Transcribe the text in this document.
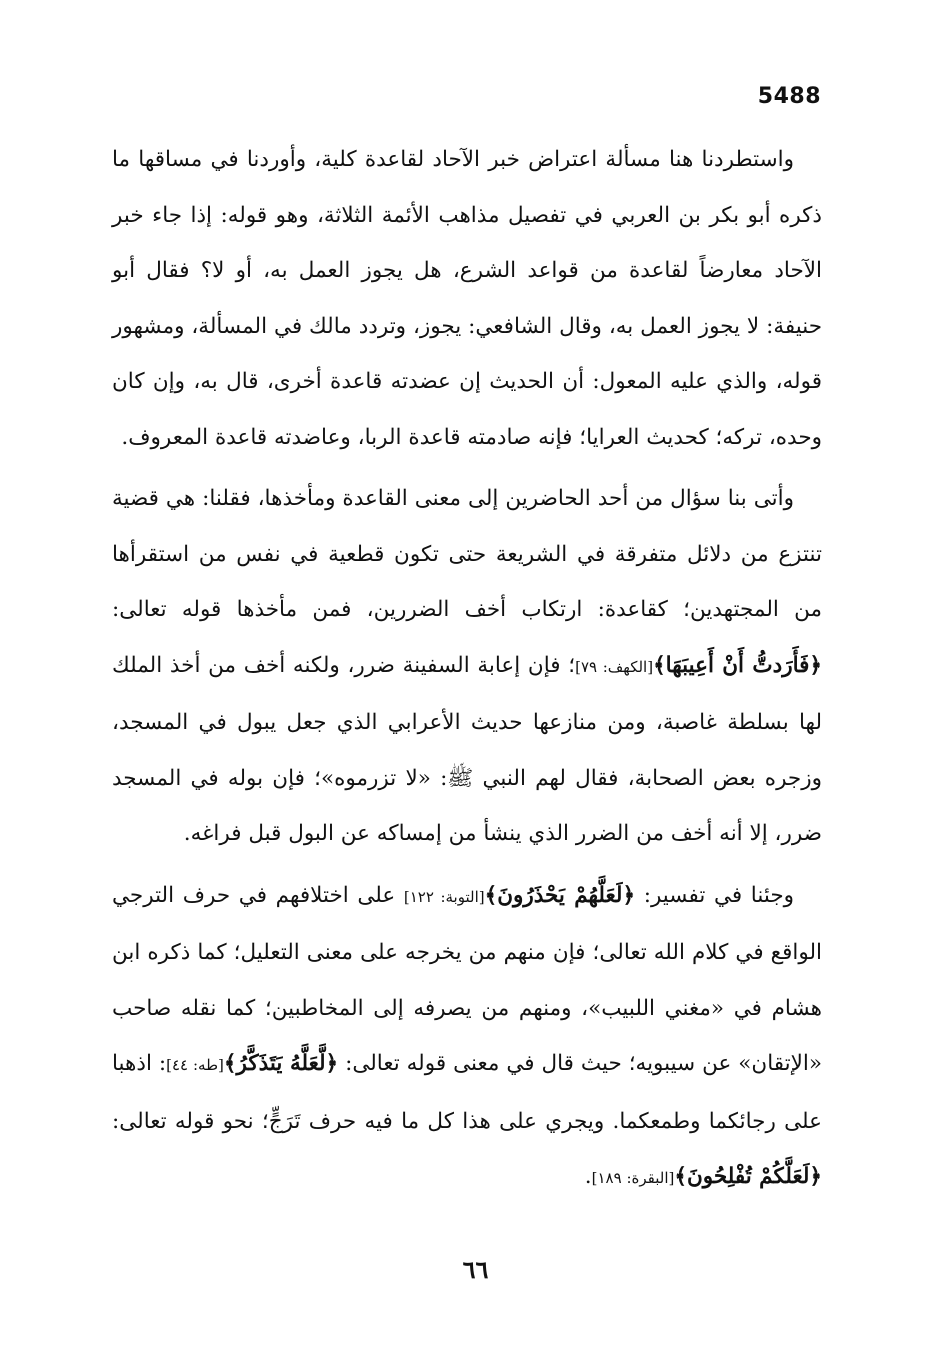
5488

واستطردنا هنا مسألة اعتراض خبر الآحاد لقاعدة كلية، وأوردنا في مساقها ما ذكره أبو بكر بن العربي في تفصيل مذاهب الأئمة الثلاثة، وهو قوله: إذا جاء خبر الآحاد معارضاً لقاعدة من قواعد الشرع، هل يجوز العمل به، أو لا؟ فقال أبو حنيفة: لا يجوز العمل به، وقال الشافعي: يجوز، وتردد مالك في المسألة، ومشهور قوله، والذي عليه المعول: أن الحديث إن عضدته قاعدة أخرى، قال به، وإن كان وحده، تركه؛ كحديث العرايا؛ فإنه صادمته قاعدة الربا، وعاضدته قاعدة المعروف.

وأتى بنا سؤال من أحد الحاضرين إلى معنى القاعدة ومأخذها، فقلنا: هي قضية تنتزع من دلائل متفرقة في الشريعة حتى تكون قطعية في نفس من استقرأها من المجتهدين؛ كقاعدة: ارتكاب أخف الضررين، فمن مأخذها قوله تعالى: ﴿فَأَرَدتُّ أَنْ أَعِيبَهَا﴾[الكهف: ٧٩]؛ فإن إعابة السفينة ضرر، ولكنه أخف من أخذ الملك لها بسلطة غاصبة، ومن منازعها حديث الأعرابي الذي جعل يبول في المسجد، وزجره بعض الصحابة، فقال لهم النبي ﷺ: «لا تزرموه»؛ فإن بوله في المسجد ضرر، إلا أنه أخف من الضرر الذي ينشأ من إمساكه عن البول قبل فراغه.

وجئنا في تفسير: ﴿لَعَلَّهُمْ يَحْذَرُونَ﴾[التوبة: ١٢٢] على اختلافهم في حرف الترجي الواقع في كلام الله تعالى؛ فإن منهم من يخرجه على معنى التعليل؛ كما ذكره ابن هشام في «مغني اللبيب»، ومنهم من يصرفه إلى المخاطبين؛ كما نقله صاحب «الإتقان» عن سيبويه؛ حيث قال في معنى قوله تعالى: ﴿لَّعَلَّهُ يَتَذَكَّرُ﴾[طه: ٤٤]: اذهبا على رجائكما وطمعكما. ويجري على هذا كل ما فيه حرف تَرَجٍّ؛ نحو قوله تعالى: ﴿لَعَلَّكُمْ تُفْلِحُونَ﴾[البقرة: ١٨٩].

٦٦
